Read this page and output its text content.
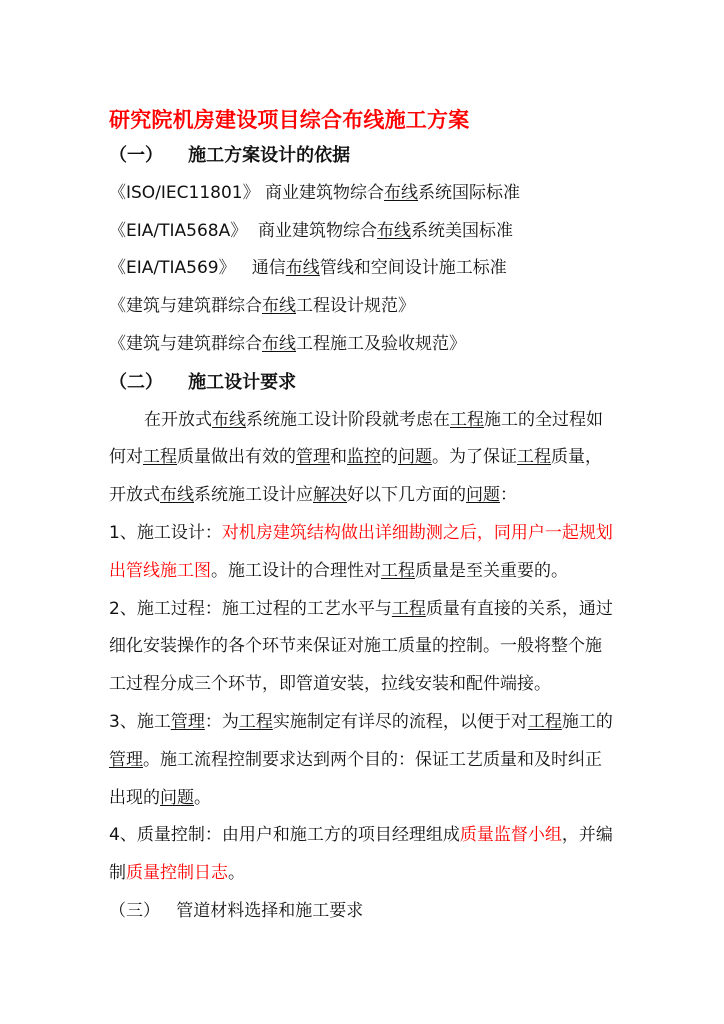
研究院机房建设项目综合布线施工方案
（一）    施工方案设计的依据
《ISO/IEC11801》 商业建筑物综合布线系统国际标准
《EIA/TIA568A》  商业建筑物综合布线系统美国标准
《EIA/TIA569》   通信布线管线和空间设计施工标准
《建筑与建筑群综合布线工程设计规范》
《建筑与建筑群综合布线工程施工及验收规范》
（二）    施工设计要求
在开放式布线系统施工设计阶段就考虑在工程施工的全过程如
何对工程质量做出有效的管理和监控的问题。为了保证工程质量，
开放式布线系统施工设计应解决好以下几方面的问题：
1、施工设计：对机房建筑结构做出详细勘测之后，同用户一起规划
出管线施工图。施工设计的合理性对工程质量是至关重要的。
2、施工过程：施工过程的工艺水平与工程质量有直接的关系，通过
细化安装操作的各个环节来保证对施工质量的控制。一般将整个施
工过程分成三个环节，即管道安装，拉线安装和配件端接。
3、施工管理：为工程实施制定有详尽的流程，以便于对工程施工的
管理。施工流程控制要求达到两个目的：保证工艺质量和及时纠正
出现的问题。
4、质量控制：由用户和施工方的项目经理组成质量监督小组，并编
制质量控制日志。
（三）   管道材料选择和施工要求
